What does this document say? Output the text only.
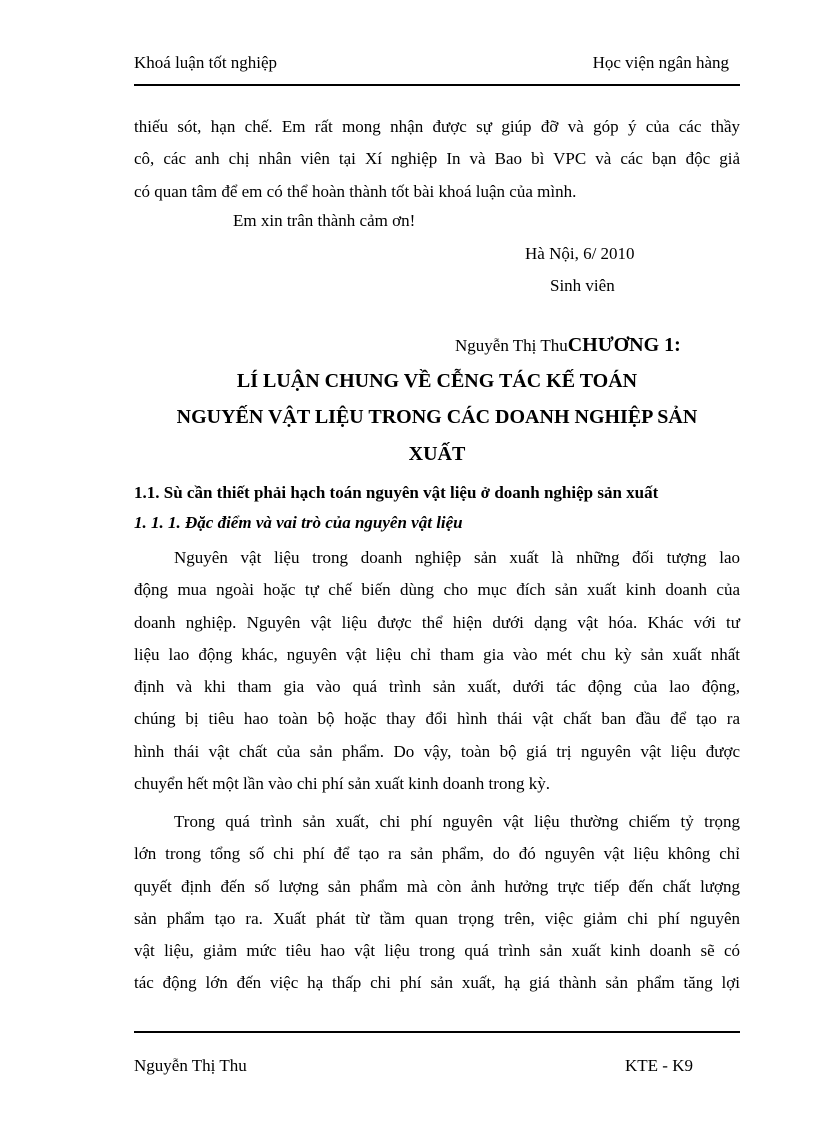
Khoá luận tốt nghiệp	Học viện ngân hàng
thiếu sót, hạn chế. Em rất mong nhận được sự giúp đỡ và góp ý của các thầy
cô, các anh chị nhân viên tại Xí nghiệp In và Bao bì VPC và các bạn độc giả
có quan tâm để em có thể hoàn thành tốt bài khoá luận của mình.
Em xin trân thành cảm ơn!
Hà Nội, 6/ 2010
Sinh viên
Nguyễn Thị ThuCHƯƠNG 1:
LÍ LUẬN CHUNG VỀ CỄNG TÁC KẾ TOÁN
NGUYẾN VẬT LIỆU TRONG CÁC DOANH NGHIỆP SẢN
XUẤT
1.1. Sù cần thiết phải hạch toán nguyên vật liệu ở doanh nghiệp sản xuất
1. 1. 1. Đặc điểm và vai trò của nguyên vật liệu
Nguyên vật liệu trong doanh nghiệp sản xuất là những đối tượng lao
động mua ngoài hoặc tự chế biến dùng cho mục đích sản xuất kinh doanh của
doanh nghiệp. Nguyên vật liệu được thể hiện dưới dạng vật hóa. Khác với tư
liệu lao động khác, nguyên vật liệu chỉ tham gia vào mét chu kỳ sản xuất nhất
định và khi tham gia vào quá trình sản xuất, dưới tác động của lao động,
chúng bị tiêu hao toàn bộ hoặc thay đổi hình thái vật chất ban đầu để tạo ra
hình thái vật chất của sản phẩm. Do vậy, toàn bộ giá trị nguyên vật liệu được
chuyển hết một lần vào chi phí sản xuất kinh doanh trong kỳ.
Trong quá trình sản xuất, chi phí nguyên vật liệu thường chiếm tỷ trọng
lớn trong tổng số chi phí để tạo ra sản phẩm, do đó nguyên vật liệu không chỉ
quyết định đến số lượng sản phẩm mà còn ảnh hưởng trực tiếp đến chất lượng
sản phẩm tạo ra. Xuất phát từ tầm quan trọng trên, việc giảm chi phí nguyên
vật liệu, giảm mức tiêu hao vật liệu trong quá trình sản xuất kinh doanh sẽ có
tác động lớn đến việc hạ thấp chi phí sản xuất, hạ giá thành sản phẩm tăng lợi
Nguyễn Thị Thu	KTE - K9
